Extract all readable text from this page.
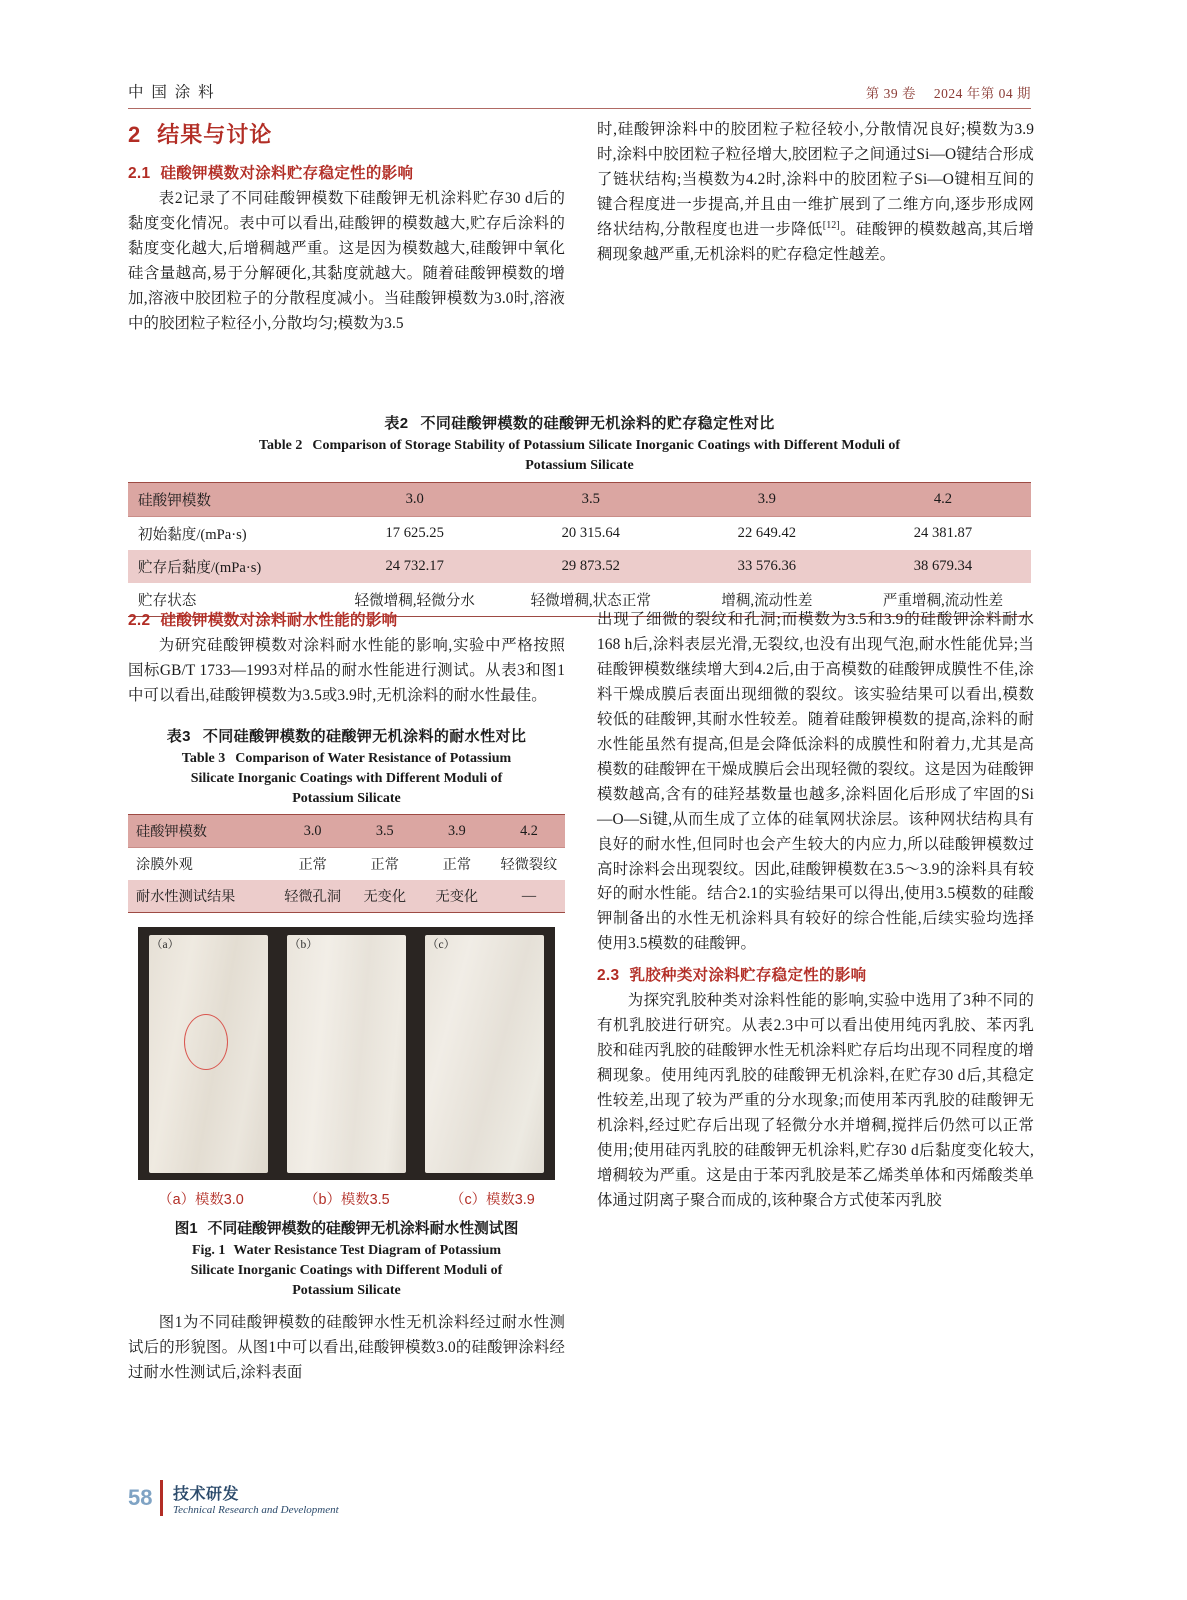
中 国 涂 料	第 39 卷 2024 年第 04 期
2 结果与讨论
2.1 硅酸钾模数对涂料贮存稳定性的影响

表2记录了不同硅酸钾模数下硅酸钾无机涂料贮存30 d后的黏度变化情况。表中可以看出,硅酸钾的模数越大,贮存后涂料的黏度变化越大,后增稠越严重。这是因为模数越大,硅酸钾中氧化硅含量越高,易于分解硬化,其黏度就越大。随着硅酸钾模数的增加,溶液中胶团粒子的分散程度减小。当硅酸钾模数为3.0时,溶液中的胶团粒子粒径小,分散均匀;模数为3.5

时,硅酸钾涂料中的胶团粒子粒径较小,分散情况良好;模数为3.9时,涂料中胶团粒子粒径增大,胶团粒子之间通过Si—O键结合形成了链状结构;当模数为4.2时,涂料中的胶团粒子Si—O键相互间的键合程度进一步提高,并且由一维扩展到了二维方向,逐步形成网络状结构,分散程度也进一步降低[12]。硅酸钾的模数越高,其后增稠现象越严重,无机涂料的贮存稳定性越差。

表2 不同硅酸钾模数的硅酸钾无机涂料的贮存稳定性对比
Table 2 Comparison of Storage Stability of Potassium Silicate Inorganic Coatings with Different Moduli of
Potassium Silicate
硅酸钾模数	3.0	3.5	3.9	4.2
初始黏度/(mPa·s)	17 625.25	20 315.64	22 649.42	24 381.87
贮存后黏度/(mPa·s)	24 732.17	29 873.52	33 576.36	38 679.34
贮存状态	轻微增稠,轻微分水	轻微增稠,状态正常	增稠,流动性差	严重增稠,流动性差
2.2 硅酸钾模数对涂料耐水性能的影响

为研究硅酸钾模数对涂料耐水性能的影响,实验中严格按照国标GB/T 1733—1993对样品的耐水性能进行测试。从表3和图1中可以看出,硅酸钾模数为3.5或3.9时,无机涂料的耐水性最佳。

表3 不同硅酸钾模数的硅酸钾无机涂料的耐水性对比
Table 3 Comparison of Water Resistance of Potassium
Silicate Inorganic Coatings with Different Moduli of
Potassium Silicate
硅酸钾模数	3.0	3.5	3.9	4.2
涂膜外观	正常	正常	正常	轻微裂纹
耐水性测试结果	轻微孔洞	无变化	无变化	—
（a）	（b）	（c）
（a）模数3.0	（b）模数3.5	（c）模数3.9
图1 不同硅酸钾模数的硅酸钾无机涂料耐水性测试图
Fig. 1 Water Resistance Test Diagram of Potassium
Silicate Inorganic Coatings with Different Moduli of
Potassium Silicate

图1为不同硅酸钾模数的硅酸钾水性无机涂料经过耐水性测试后的形貌图。从图1中可以看出,硅酸钾模数3.0的硅酸钾涂料经过耐水性测试后,涂料表面

出现了细微的裂纹和孔洞;而模数为3.5和3.9的硅酸钾涂料耐水168 h后,涂料表层光滑,无裂纹,也没有出现气泡,耐水性能优异;当硅酸钾模数继续增大到4.2后,由于高模数的硅酸钾成膜性不佳,涂料干燥成膜后表面出现细微的裂纹。该实验结果可以看出,模数较低的硅酸钾,其耐水性较差。随着硅酸钾模数的提高,涂料的耐水性能虽然有提高,但是会降低涂料的成膜性和附着力,尤其是高模数的硅酸钾在干燥成膜后会出现轻微的裂纹。这是因为硅酸钾模数越高,含有的硅羟基数量也越多,涂料固化后形成了牢固的Si—O—Si键,从而生成了立体的硅氧网状涂层。该种网状结构具有良好的耐水性,但同时也会产生较大的内应力,所以硅酸钾模数过高时涂料会出现裂纹。因此,硅酸钾模数在3.5～3.9的涂料具有较好的耐水性能。结合2.1的实验结果可以得出,使用3.5模数的硅酸钾制备出的水性无机涂料具有较好的综合性能,后续实验均选择使用3.5模数的硅酸钾。

2.3 乳胶种类对涂料贮存稳定性的影响

为探究乳胶种类对涂料性能的影响,实验中选用了3种不同的有机乳胶进行研究。从表2.3中可以看出使用纯丙乳胶、苯丙乳胶和硅丙乳胶的硅酸钾水性无机涂料贮存后均出现不同程度的增稠现象。使用纯丙乳胶的硅酸钾无机涂料,在贮存30 d后,其稳定性较差,出现了较为严重的分水现象;而使用苯丙乳胶的硅酸钾无机涂料,经过贮存后出现了轻微分水并增稠,搅拌后仍然可以正常使用;使用硅丙乳胶的硅酸钾无机涂料,贮存30 d后黏度变化较大,增稠较为严重。这是由于苯丙乳胶是苯乙烯类单体和丙烯酸类单体通过阴离子聚合而成的,该种聚合方式使苯丙乳胶

58 技术研发
Technical Research and Development
